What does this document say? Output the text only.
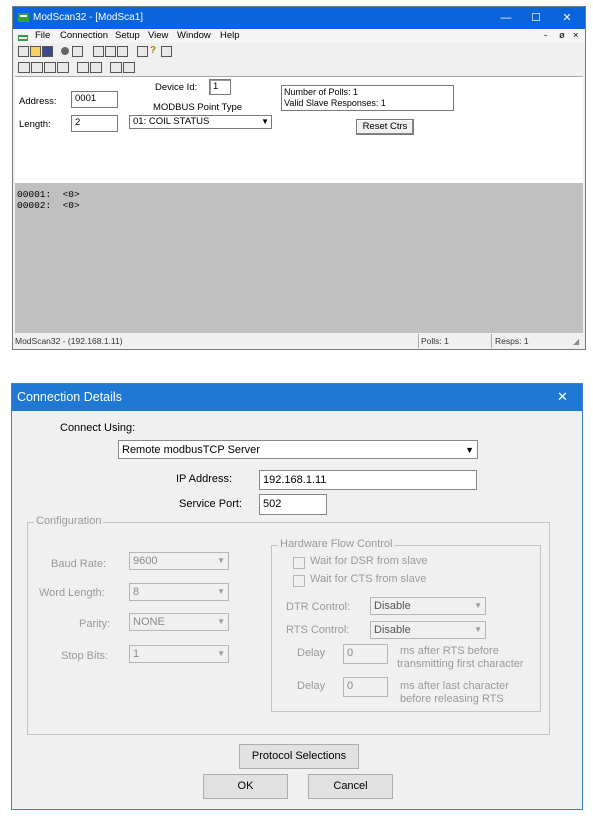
ModScan32 - [ModSca1]	—	☐	✕
File Connection Setup View Window Help	- ø ×
?
Address:	0001
Length:	2
Device Id:	1
MODBUS Point Type
01: COIL STATUS	▼
Number of Polls: 1
Valid Slave Responses: 1
Reset Ctrs
00001:  <0>
00002:  <0>
ModScan32 - (192.168.1.11)	Polls: 1	Resps: 1	◢
Connection Details	✕
Connect Using:
Remote modbusTCP Server	▼
IP Address:	192.168.1.11
Service Port:	502
Configuration
Baud Rate:	9600	▼
Word Length:	8	▼
Parity:	NONE	▼
Stop Bits:	1	▼
Hardware Flow Control
Wait for DSR from slave
Wait for CTS from slave
DTR Control:	Disable	▼
RTS Control:	Disable	▼
Delay	0	ms after RTS before
transmitting first character
Delay	0	ms after last character
before releasing RTS
Protocol Selections
OK	Cancel
